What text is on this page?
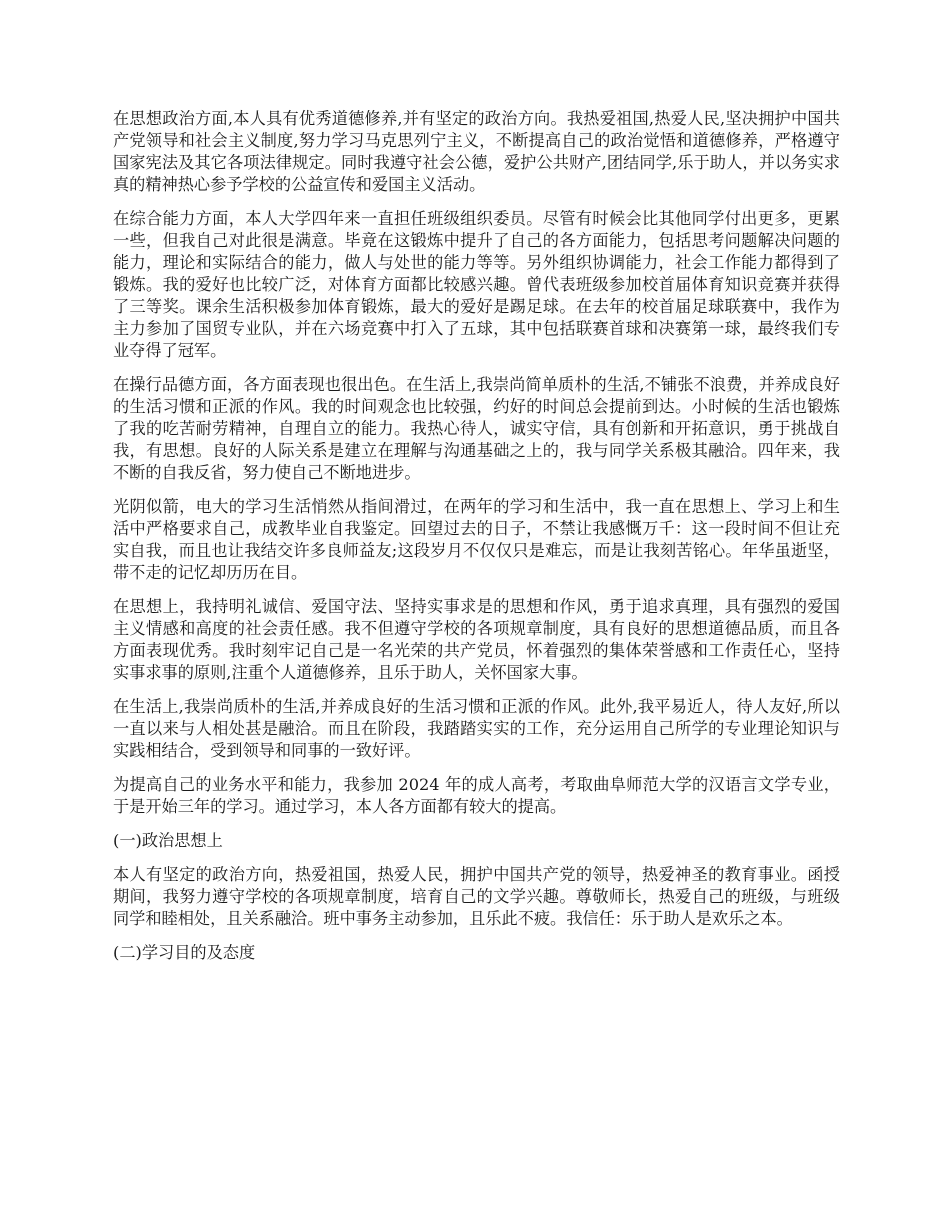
在思想政治方面,本人具有优秀道德修养,并有坚定的政治方向。我热爱祖国,热爱人民,坚决拥护中国共产党领导和社会主义制度,努力学习马克思列宁主义，不断提高自己的政治觉悟和道德修养，严格遵守国家宪法及其它各项法律规定。同时我遵守社会公德，爱护公共财产,团结同学,乐于助人，并以务实求真的精神热心参予学校的公益宣传和爱国主义活动。

在综合能力方面，本人大学四年来一直担任班级组织委员。尽管有时候会比其他同学付出更多，更累一些，但我自己对此很是满意。毕竟在这锻炼中提升了自己的各方面能力，包括思考问题解决问题的能力，理论和实际结合的能力，做人与处世的能力等等。另外组织协调能力，社会工作能力都得到了锻炼。我的爱好也比较广泛，对体育方面都比较感兴趣。曾代表班级参加校首届体育知识竞赛并获得了三等奖。课余生活积极参加体育锻炼，最大的爱好是踢足球。在去年的校首届足球联赛中，我作为主力参加了国贸专业队，并在六场竞赛中打入了五球，其中包括联赛首球和决赛第一球，最终我们专业夺得了冠军。

在操行品德方面，各方面表现也很出色。在生活上,我崇尚简单质朴的生活,不铺张不浪费，并养成良好的生活习惯和正派的作风。我的时间观念也比较强，约好的时间总会提前到达。小时候的生活也锻炼了我的吃苦耐劳精神，自理自立的能力。我热心待人，诚实守信，具有创新和开拓意识，勇于挑战自我，有思想。良好的人际关系是建立在理解与沟通基础之上的，我与同学关系极其融洽。四年来，我不断的自我反省，努力使自己不断地进步。

光阴似箭，电大的学习生活悄然从指间滑过，在两年的学习和生活中，我一直在思想上、学习上和生活中严格要求自己，成教毕业自我鉴定。回望过去的日子，不禁让我感慨万千：这一段时间不但让充实自我，而且也让我结交许多良师益友;这段岁月不仅仅只是难忘，而是让我刻苦铭心。年华虽逝坚，带不走的记忆却历历在目。

在思想上，我持明礼诚信、爱国守法、坚持实事求是的思想和作风，勇于追求真理，具有强烈的爱国主义情感和高度的社会责任感。我不但遵守学校的各项规章制度，具有良好的思想道德品质，而且各方面表现优秀。我时刻牢记自己是一名光荣的共产党员，怀着强烈的集体荣誉感和工作责任心，坚持实事求事的原则,注重个人道德修养，且乐于助人，关怀国家大事。

在生活上,我崇尚质朴的生活,并养成良好的生活习惯和正派的作风。此外,我平易近人，待人友好,所以一直以来与人相处甚是融洽。而且在阶段，我踏踏实实的工作，充分运用自己所学的专业理论知识与实践相结合，受到领导和同事的一致好评。

为提高自己的业务水平和能力，我参加 2024 年的成人高考，考取曲阜师范大学的汉语言文学专业，于是开始三年的学习。通过学习，本人各方面都有较大的提高。

(一)政治思想上

本人有坚定的政治方向，热爱祖国，热爱人民，拥护中国共产党的领导，热爱神圣的教育事业。函授期间，我努力遵守学校的各项规章制度，培育自己的文学兴趣。尊敬师长，热爱自己的班级，与班级同学和睦相处，且关系融洽。班中事务主动参加，且乐此不疲。我信任：乐于助人是欢乐之本。

(二)学习目的及态度
